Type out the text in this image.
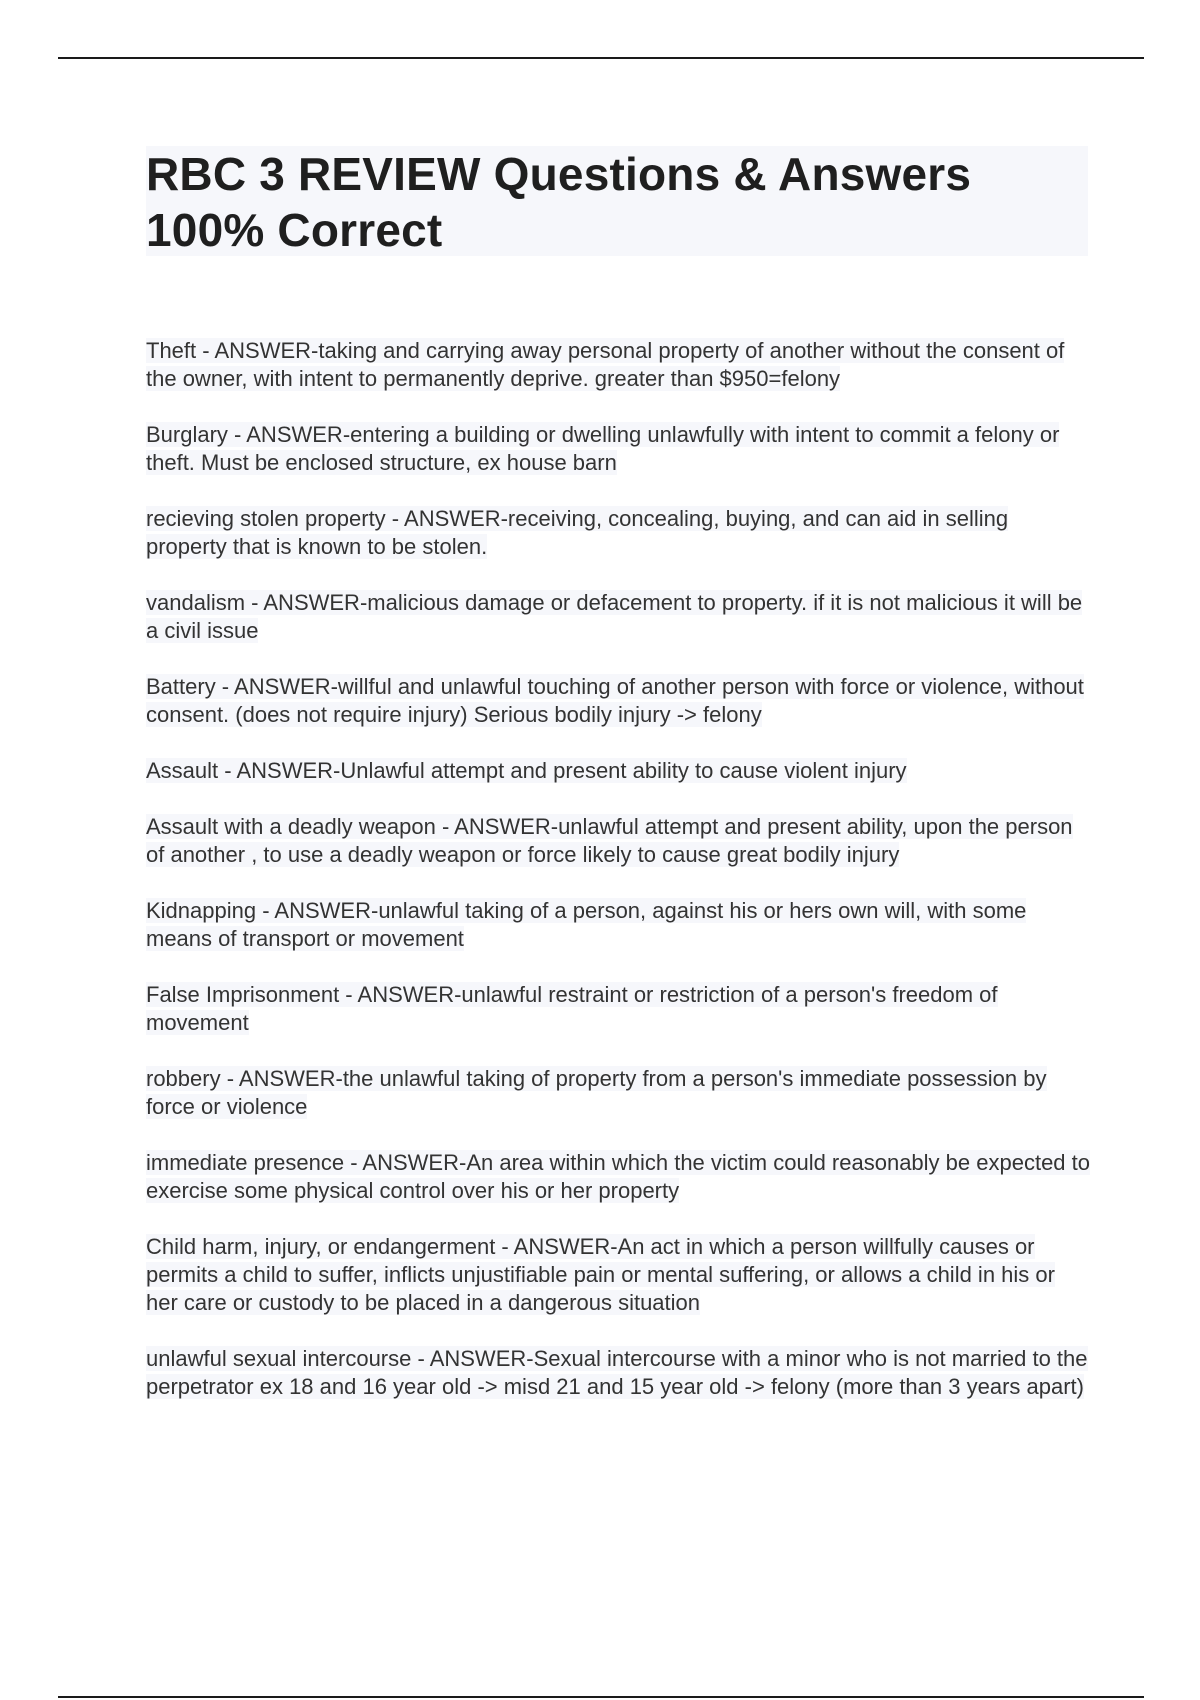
RBC 3 REVIEW Questions & Answers 100% Correct

Theft - ANSWER-taking and carrying away personal property of another without the consent of the owner, with intent to permanently deprive. greater than $950=felony

Burglary - ANSWER-entering a building or dwelling unlawfully with intent to commit a felony or theft. Must be enclosed structure, ex house barn

recieving stolen property - ANSWER-receiving, concealing, buying, and can aid in selling property that is known to be stolen.

vandalism - ANSWER-malicious damage or defacement to property. if it is not malicious it will be a civil issue

Battery - ANSWER-willful and unlawful touching of another person with force or violence, without consent. (does not require injury) Serious bodily injury -> felony

Assault - ANSWER-Unlawful attempt and present ability to cause violent injury

Assault with a deadly weapon - ANSWER-unlawful attempt and present ability, upon the person of another , to use a deadly weapon or force likely to cause great bodily injury

Kidnapping - ANSWER-unlawful taking of a person, against his or hers own will, with some means of transport or movement

False Imprisonment - ANSWER-unlawful restraint or restriction of a person's freedom of movement

robbery - ANSWER-the unlawful taking of property from a person's immediate possession by force or violence

immediate presence - ANSWER-An area within which the victim could reasonably be expected to exercise some physical control over his or her property

Child harm, injury, or endangerment - ANSWER-An act in which a person willfully causes or permits a child to suffer, inflicts unjustifiable pain or mental suffering, or allows a child in his or her care or custody to be placed in a dangerous situation

unlawful sexual intercourse - ANSWER-Sexual intercourse with a minor who is not married to the perpetrator ex 18 and 16 year old -> misd 21 and 15 year old -> felony (more than 3 years apart)
